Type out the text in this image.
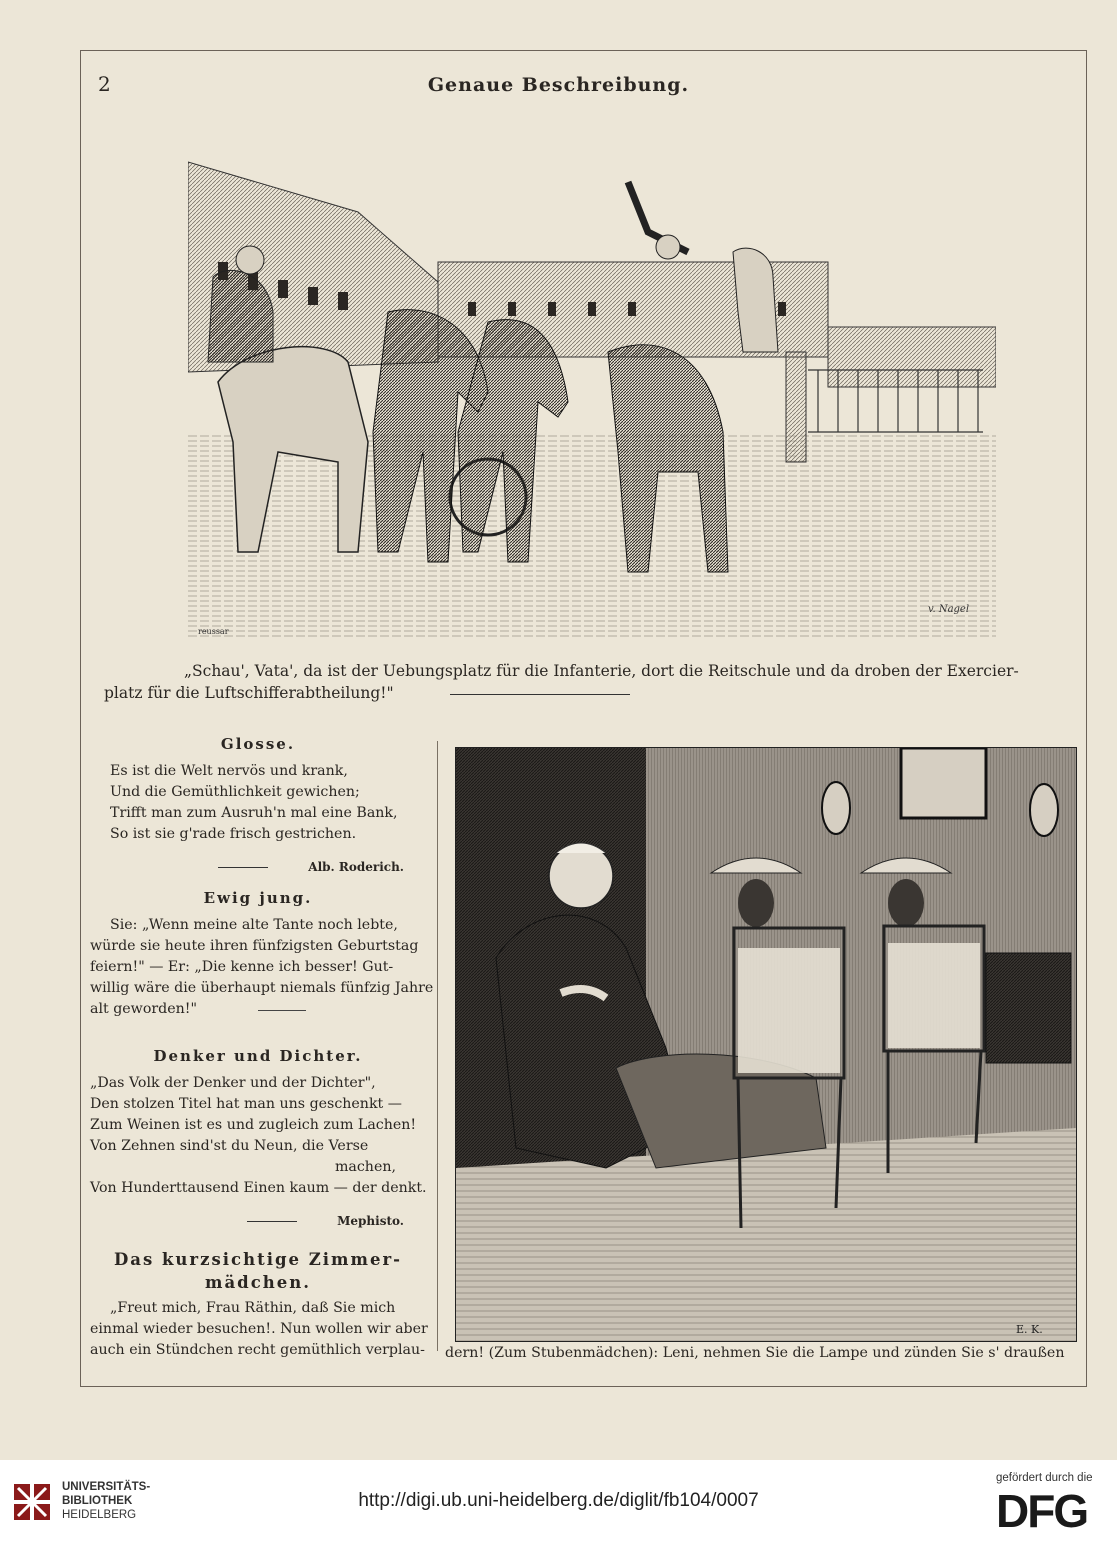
2	Genaue Beschreibung.
reussar
v. Nagel
„Schau', Vata', da ist der Uebungsplatz für die Infanterie, dort die Reitschule und da droben der Exercier-
platz für die Luftschifferabtheilung!"

Glosse.

Es ist die Welt nervös und krank,

Und die Gemüthlichkeit gewichen;

Trifft man zum Ausruh'n mal eine Bank,

So ist sie g'rade frisch gestrichen.

Alb. Roderich.

Ewig jung.

Sie: „Wenn meine alte Tante noch lebte,

würde sie heute ihren fünfzigsten Geburtstag

feiern!" — Er: „Die kenne ich besser! Gut-

willig wäre die überhaupt niemals fünfzig Jahre

alt geworden!"

Denker und Dichter.

„Das Volk der Denker und der Dichter",

Den stolzen Titel hat man uns geschenkt —

Zum Weinen ist es und zugleich zum Lachen!

Von Zehnen sind'st du Neun, die Verse

machen,

Von Hunderttausend Einen kaum — der denkt.

Mephisto.

Das kurzsichtige Zimmer-

mädchen.

„Freut mich, Frau Räthin, daß Sie mich

einmal wieder besuchen!. Nun wollen wir aber

auch ein Stündchen recht gemüthlich verplau-

E. K.
dern! (Zum Stubenmädchen): Leni, nehmen Sie die Lampe und zünden Sie s' draußen
UNIVERSITÄTS-
BIBLIOTHEK
HEIDELBERG
http://digi.ub.uni-heidelberg.de/diglit/fb104/0007
gefördert durch die
DFG
